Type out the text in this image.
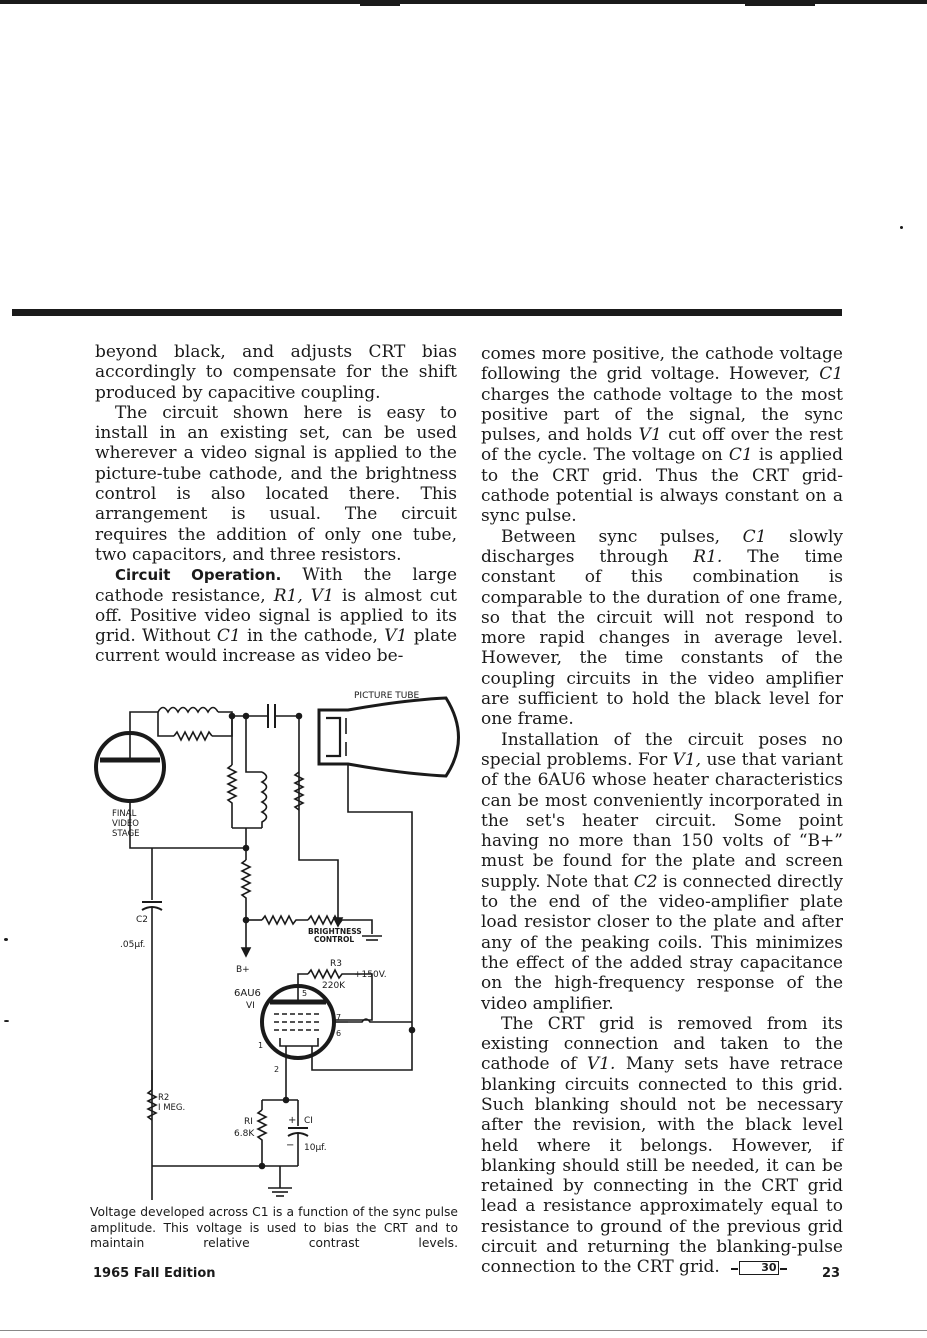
beyond black, and adjusts CRT bias accordingly to compensate for the shift produced by capacitive coupling.

The circuit shown here is easy to install in an existing set, can be used wherever a video signal is applied to the picture-tube cathode, and the brightness control is also located there. This arrangement is usual. The circuit requires the addition of only one tube, two capacitors, and three resistors.

Circuit Operation. With the large cathode resistance, R1, V1 is almost cut off. Positive video signal is applied to its grid. Without C1 in the cathode, V1 plate current would increase as video be-

comes more positive, the cathode voltage following the grid voltage. However, C1 charges the cathode voltage to the most positive part of the signal, the sync pulses, and holds V1 cut off over the rest of the cycle. The voltage on C1 is applied to the CRT grid. Thus the CRT grid-cathode potential is always constant on a sync pulse.

Between sync pulses, C1 slowly discharges through R1. The time constant of this combination is comparable to the duration of one frame, so that the circuit will not respond to more rapid changes in average level. However, the time constants of the coupling circuits in the video amplifier are sufficient to hold the black level for one frame.

Installation of the circuit poses no special problems. For V1, use that variant of the 6AU6 whose heater characteristics can be most conveniently incorporated in the set's heater circuit. Some point having no more than 150 volts of “B+” must be found for the plate and screen supply. Note that C2 is connected directly to the end of the video-amplifier plate load resistor closer to the plate and after any of the peaking coils. This minimizes the effect of the added stray capacitance on the high-frequency response of the video amplifier.

The CRT grid is removed from its existing connection and taken to the cathode of V1. Many sets have retrace blanking circuits connected to this grid. Such blanking should not be necessary after the revision, with the black level held where it belongs. However, if blanking should still be needed, it can be retained by connecting in the CRT grid lead a resistance approximately equal to resistance to ground of the previous grid circuit and returning the blanking-pulse connection to the CRT grid.	30

PICTURE TUBE
BRIGHTNESS
CONTROL
FINAL
VIDEO
STAGE
C2
.05µf.
B+
R3
+150V.
220K
6AU6
VI
5
7
6
1
2
R2
I MEG.
RI
6.8K
+ CI
− 10µf.
Voltage developed across C1 is a function of the sync pulse amplitude. This voltage is used to bias the CRT and to maintain relative contrast levels.
1965 Fall Edition	23
